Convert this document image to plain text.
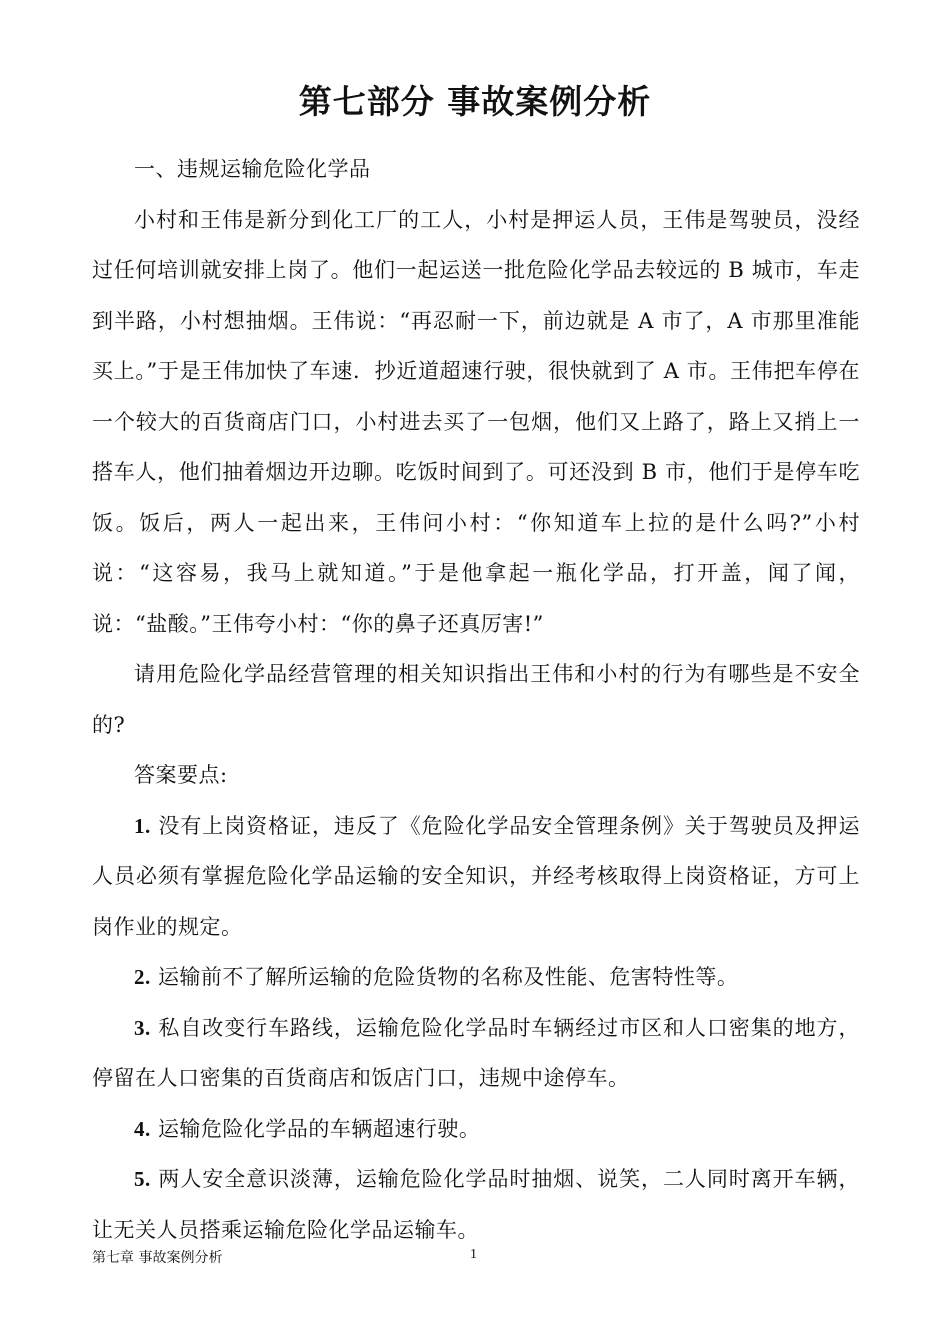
第七部分 事故案例分析

一、违规运输危险化学品

小村和王伟是新分到化工厂的工人，小村是押运人员，王伟是驾驶员，没经过任何培训就安排上岗了。他们一起运送一批危险化学品去较远的 B 城市，车走到半路，小村想抽烟。王伟说：“再忍耐一下，前边就是 A 市了，A 市那里准能买上。”于是王伟加快了车速．抄近道超速行驶，很快就到了 A 市。王伟把车停在一个较大的百货商店门口，小村进去买了一包烟，他们又上路了，路上又捎上一搭车人，他们抽着烟边开边聊。吃饭时间到了。可还没到 B 市，他们于是停车吃饭。饭后，两人一起出来，王伟问小村：“你知道车上拉的是什么吗?”小村说：“这容易，我马上就知道。”于是他拿起一瓶化学品，打开盖，闻了闻，说：“盐酸。”王伟夸小村：“你的鼻子还真厉害!”

请用危险化学品经营管理的相关知识指出王伟和小村的行为有哪些是不安全的?

答案要点:

1. 没有上岗资格证，违反了《危险化学品安全管理条例》关于驾驶员及押运人员必须有掌握危险化学品运输的安全知识，并经考核取得上岗资格证，方可上岗作业的规定。

2. 运输前不了解所运输的危险货物的名称及性能、危害特性等。

3. 私自改变行车路线，运输危险化学品时车辆经过市区和人口密集的地方，停留在人口密集的百货商店和饭店门口，违规中途停车。

4. 运输危险化学品的车辆超速行驶。

5. 两人安全意识淡薄，运输危险化学品时抽烟、说笑，二人同时离开车辆，让无关人员搭乘运输危险化学品运输车。

第七章 事故案例分析	1
